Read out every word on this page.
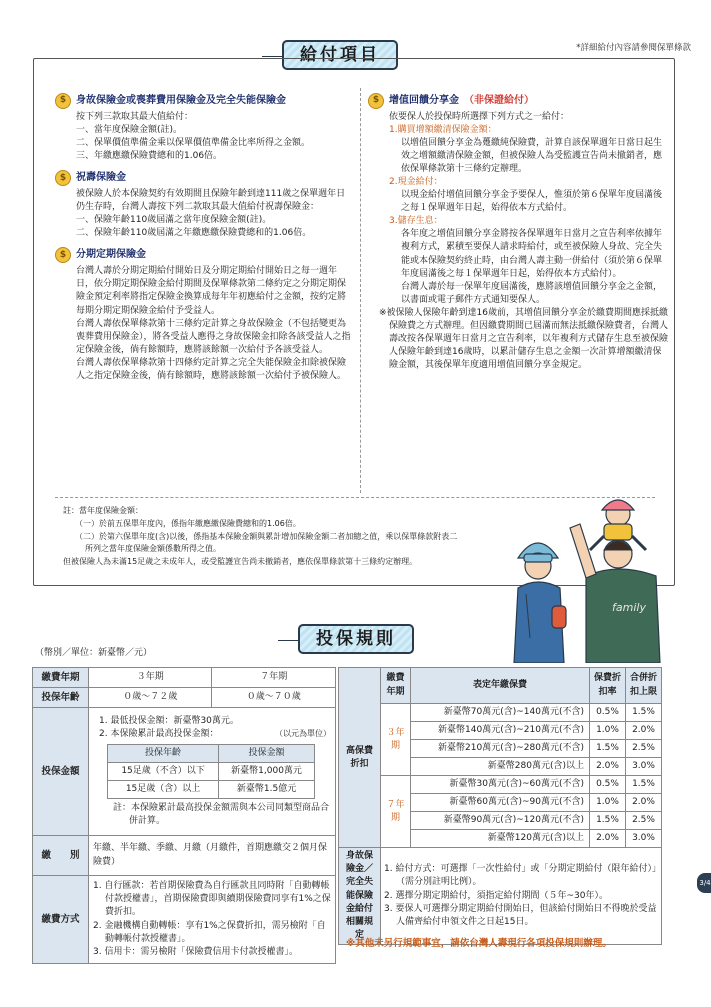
給付項目	*詳細給付內容請參閱保單條款
$ 身故保險金或喪葬費用保險金及完全失能保險金
按下列三款取其最大值給付：
一、當年度保險金額(註)。
二、保單價值準備金乘以保單價值準備金比率所得之金額。
三、年繳應繳保險費總和的1.06倍。
$ 祝壽保險金
被保險人於本保險契約有效期間且保險年齡到達111歲之保單週年日仍生存時，台灣人壽按下列二款取其最大值給付祝壽保險金：
一、保險年齡110歲屆滿之當年度保險金額(註)。
二、保險年齡110歲屆滿之年繳應繳保險費總和的1.06倍。
$ 分期定期保險金
台灣人壽於分期定期給付開始日及分期定期給付開始日之每一週年日，依分期定期保險金給付期間及保單條款第二條約定之分期定期保險金預定利率將指定保險金換算成每年年初應給付之金額，按約定將每期分期定期保險金給付予受益人。
台灣人壽依保單條款第十三條約定計算之身故保險金（不包括變更為喪葬費用保險金），將各受益人應得之身故保險金扣除各該受益人之指定保險金後，倘有餘額時，應將該餘額一次給付予各該受益人。
台灣人壽依保單條款第十四條約定計算之完全失能保險金扣除被保險人之指定保險金後，倘有餘額時，應將該餘額一次給付予被保險人。
$ 增值回饋分享金 （非保證給付）
依要保人於投保時所選擇下列方式之一給付：
1.購買增額繳清保險金額：
以增值回饋分享金為躉繳純保險費，計算自該保單週年日當日起生效之增額繳清保險金額，但被保險人為受監護宣告尚未撤銷者，應依保單條款第十三條約定辦理。
2.現金給付：
以現金給付增值回饋分享金予要保人，惟須於第６保單年度屆滿後之每１保單週年日起，始得依本方式給付。
3.儲存生息：
各年度之增值回饋分享金將按各保單週年日當月之宣告利率依據年複利方式，累積至要保人請求時給付，或至被保險人身故、完全失能或本保險契約終止時，由台灣人壽主動一併給付（須於第６保單年度屆滿後之每１保單週年日起，始得依本方式給付）。
台灣人壽於每一保單年度屆滿後，應將該增值回饋分享金之金額，以書面或電子郵件方式通知要保人。
※被保險人保險年齡到達16歲前，其增值回饋分享金於繳費期間應採抵繳保險費之方式辦理。但因繳費期間已屆滿而無法抵繳保險費者，台灣人壽改按各保單週年日當月之宣告利率，以年複利方式儲存生息至被保險人保險年齡到達16歲時，以累計儲存生息之金額一次計算增額繳清保險金額，其後保單年度適用增值回饋分享金規定。
註：當年度保險金額：
（一）於前五保單年度內，係指年繳應繳保險費總和的1.06倍。
（二）於第六保單年度(含)以後，係指基本保險金額與累計增加保險金額二者加總之值，乘以保單條款附表二
所列之當年度保險金額係數所得之值。
但被保險人為未滿15足歲之未成年人，或受監護宣告尚未撤銷者，應依保單條款第十三條約定辦理。
family
投保規則
（幣別／單位：新臺幣／元）
繳費年期	３年期	７年期
投保年齡	０歲～７２歲	０歲～７０歲
投保金額	
1. 最低投保金額：新臺幣30萬元。
2. 本保險累計最高投保金額：	（以元為單位）
投保年齡	投保金額
15足歲（不含）以下	新臺幣1,000萬元
15足歲（含）以上	新臺幣1.5億元
註：本保險累計最高投保金額需與本公司同類型商品合併計算。

繳　　別	年繳、半年繳、季繳、月繳（月繳件，首期應繳交２個月保險費）
繳費方式	
1. 自行匯款：若首期保險費為自行匯款且同時附「自動轉帳付款授權書」，首期保險費即與續期保險費同享有1%之保費折扣。
2. 金融機構自動轉帳：享有1%之保費折扣，需另檢附「自動轉帳付款授權書」。
3. 信用卡：需另檢附「保險費信用卡付款授權書」。
高保費折扣	繳費年期	表定年繳保費	保費折扣率	合併折扣上限
	３年期	新臺幣70萬元(含)~140萬元(不含)	0.5%	1.5%
		新臺幣140萬元(含)~210萬元(不含)	1.0%	2.0%
		新臺幣210萬元(含)~280萬元(不含)	1.5%	2.5%
		新臺幣280萬元(含)以上	2.0%	3.0%
	７年期	新臺幣30萬元(含)~60萬元(不含)	0.5%	1.5%
		新臺幣60萬元(含)~90萬元(不含)	1.0%	2.0%
		新臺幣90萬元(含)~120萬元(不含)	1.5%	2.5%
		新臺幣120萬元(含)以上	2.0%	3.0%
身故保險金／完全失能保險金給付相關規定	1. 給付方式：可選擇「一次性給付」或「分期定期給付（限年給付）」（需分別註明比例）。
2. 選擇分期定期給付，須指定給付期間（５年~30年）。
3. 要保人可選擇分期定期給付開始日，但該給付開始日不得晚於受益人備齊給付申領文件之日起15日。			
※其他未另行規範事宜，請依台灣人壽現行各項投保規則辦理。
3/4
